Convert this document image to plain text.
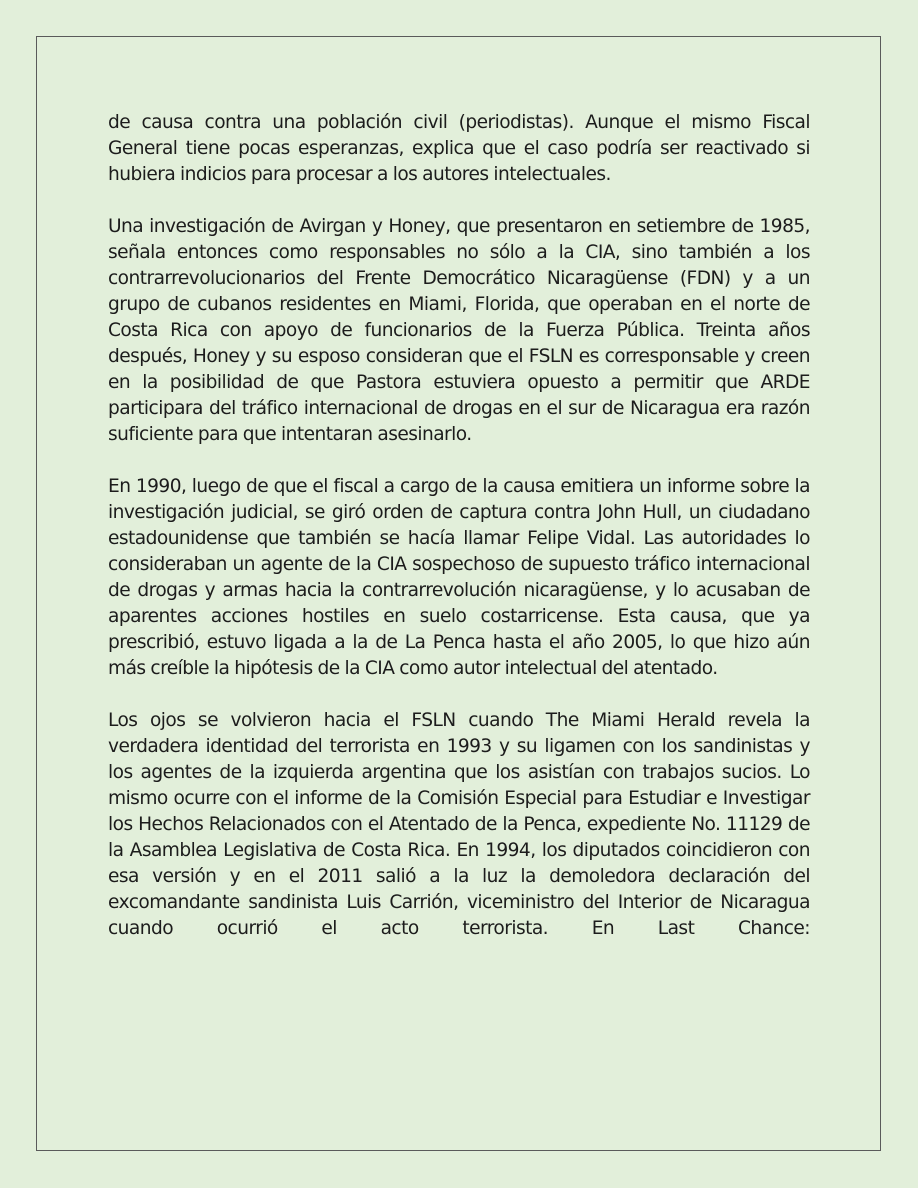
de causa contra una población civil (periodistas). Aunque el mismo Fiscal General tiene pocas esperanzas, explica que el caso podría ser reactivado si hubiera indicios para procesar a los autores intelectuales.

Una investigación de Avirgan y Honey, que presentaron en setiembre de 1985, señala entonces como responsables no sólo a la CIA, sino también a los contrarrevolucionarios del Frente Democrático Nicaragüense (FDN) y a un grupo de cubanos residentes en Miami, Florida, que operaban en el norte de Costa Rica con apoyo de funcionarios de la Fuerza Pública. Treinta años después, Honey y su esposo consideran que el FSLN es corresponsable y creen en la posibilidad de que Pastora estuviera opuesto a permitir que ARDE participara del tráfico internacional de drogas en el sur de Nicaragua era razón suficiente para que intentaran asesinarlo.

En 1990, luego de que el fiscal a cargo de la causa emitiera un informe sobre la investigación judicial, se giró orden de captura contra John Hull, un ciudadano estadounidense que también se hacía llamar Felipe Vidal. Las autoridades lo consideraban un agente de la CIA sospechoso de supuesto tráfico internacional de drogas y armas hacia la contrarrevolución nicaragüense, y lo acusaban de aparentes acciones hostiles en suelo costarricense. Esta causa, que ya prescribió, estuvo ligada a la de La Penca hasta el año 2005, lo que hizo aún más creíble la hipótesis de la CIA como autor intelectual del atentado.

Los ojos se volvieron hacia el FSLN cuando The Miami Herald revela la verdadera identidad del terrorista en 1993 y su ligamen con los sandinistas y los agentes de la izquierda argentina que los asistían con trabajos sucios. Lo mismo ocurre con el informe de la Comisión Especial para Estudiar e Investigar los Hechos Relacionados con el Atentado de la Penca, expediente No. 11129 de la Asamblea Legislativa de Costa Rica. En 1994, los diputados coincidieron con esa versión y en el 2011 salió a la luz la demoledora declaración del excomandante sandinista Luis Carrión, viceministro del Interior de Nicaragua cuando ocurrió el acto terrorista. En Last Chance:
